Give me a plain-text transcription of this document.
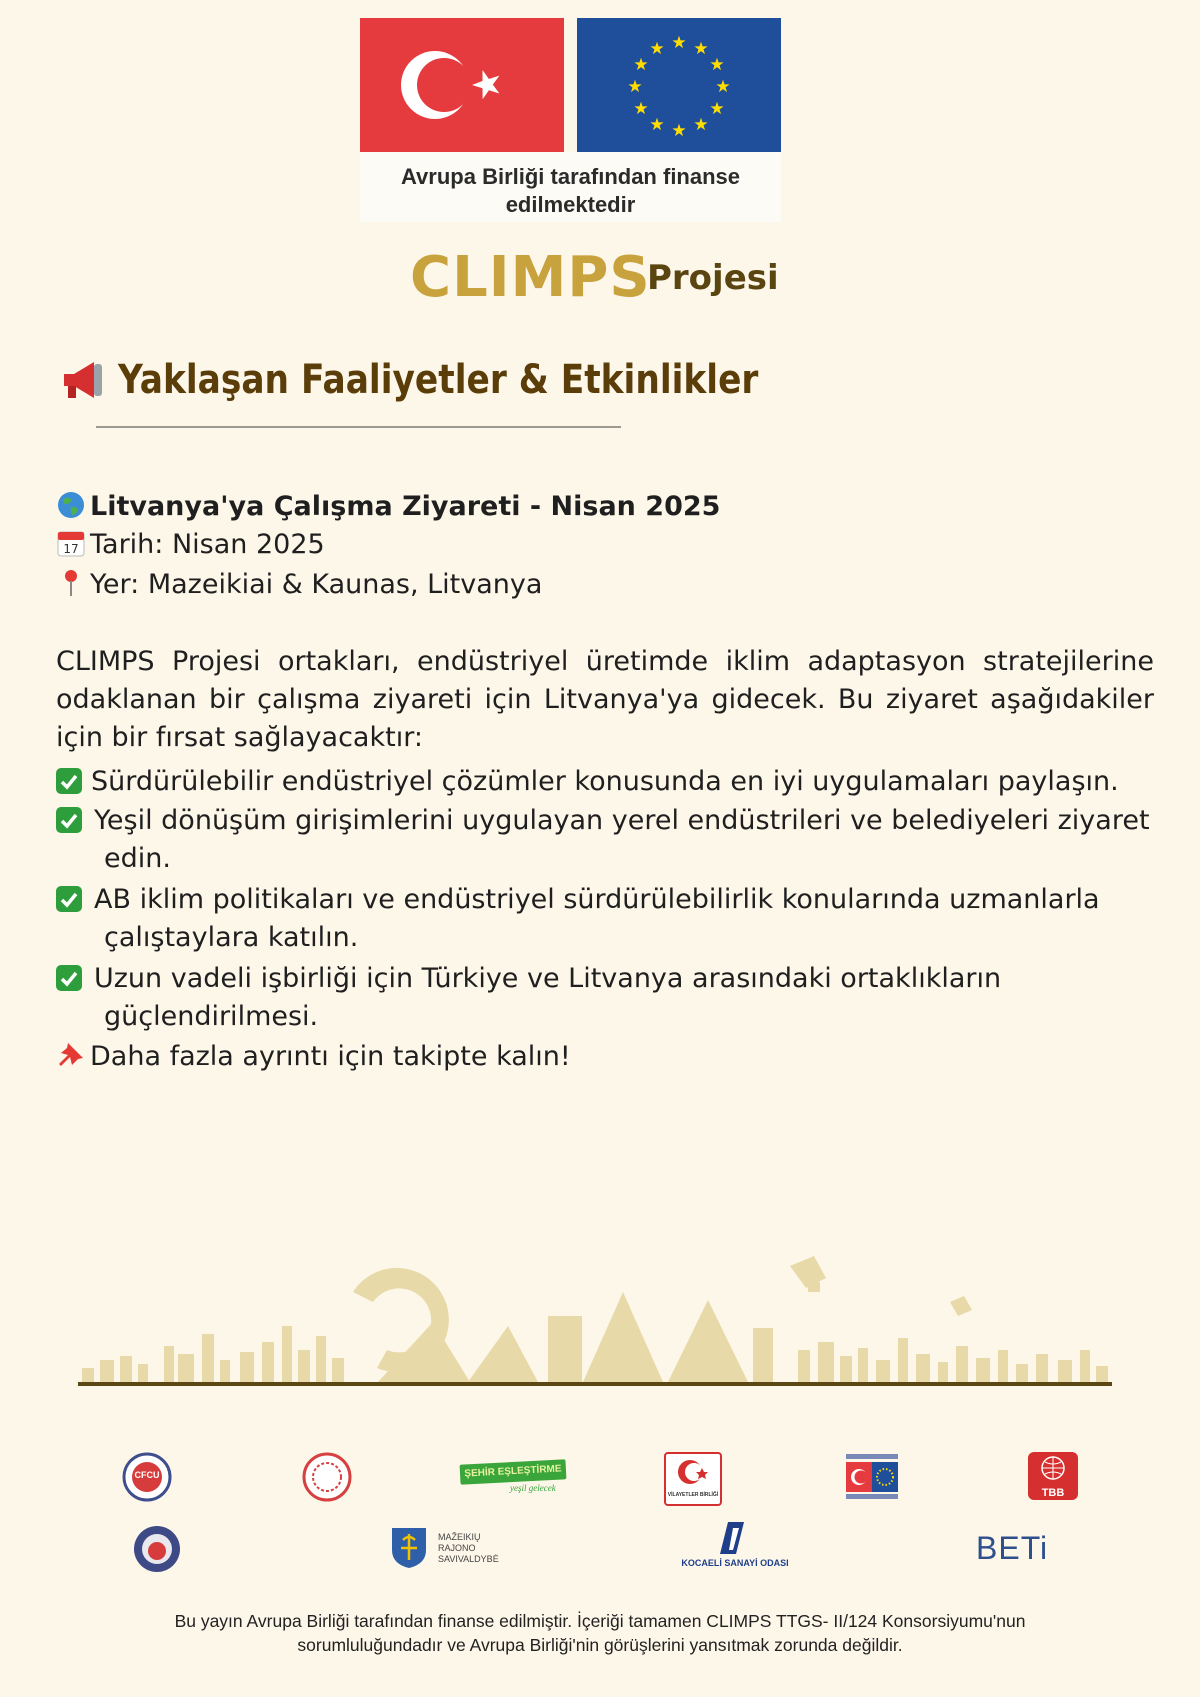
★ ★
★
★
★
★
★
★
★
★
★
★
Avrupa Birliği tarafından finanse
edilmektedir
CLIMPS
Projesi
Yaklaşan Faaliyetler & Etkinlikler
Litvanya'ya Çalışma Ziyareti - Nisan 2025
17 Tarih: Nisan 2025
Yer: Mazeikiai & Kaunas, Litvanya
CLIMPS Projesi ortakları, endüstriyel üretimde iklim adaptasyon stratejilerine odaklanan bir çalışma ziyareti için Litvanya'ya gidecek. Bu ziyaret aşağıdakiler için bir fırsat sağlayacaktır:
Sürdürülebilir endüstriyel çözümler konusunda en iyi uygulamaları paylaşın.
Yeşil dönüşüm girişimlerini uygulayan yerel endüstrileri ve belediyeleri ziyaret edin.
AB iklim politikaları ve endüstriyel sürdürülebilirlik konularında uzmanlarla çalıştaylara katılın.
Uzun vadeli işbirliği için Türkiye ve Litvanya arasındaki ortaklıkların güçlendirilmesi.
Daha fazla ayrıntı için takipte kalın!
CFCU	ŞEHİR EŞLEŞTİRME
yeşil gelecek
VİLAYETLER BİRLİĞİ	TBB
MAŽEIKIŲ
RAJONO
SAVIVALDYBĖ	KOCAELİ SANAYİ ODASI	BETi
Bu yayın Avrupa Birliği tarafından finanse edilmiştir. İçeriği tamamen CLIMPS TTGS- II/124 Konsorsiyumu'nun
sorumluluğundadır ve Avrupa Birliği'nin görüşlerini yansıtmak zorunda değildir.
